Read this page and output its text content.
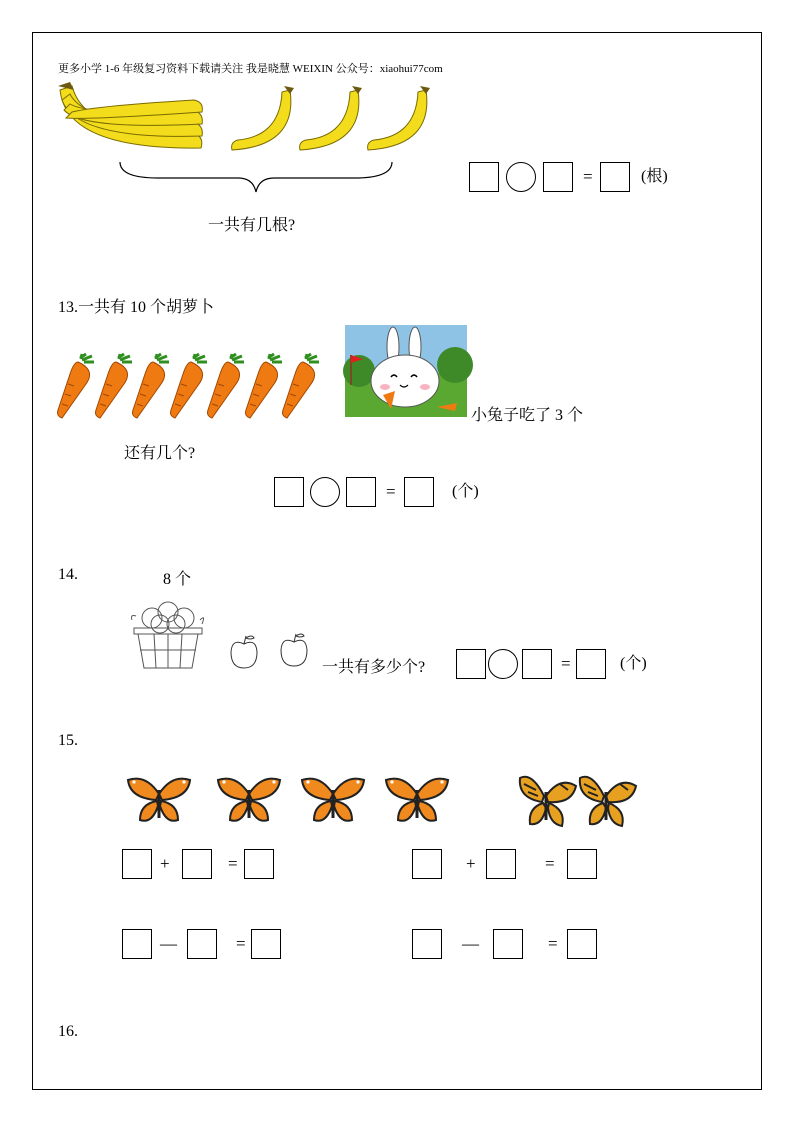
更多小学 1-6 年级复习资料下载请关注 我是晓慧 WEIXIN 公众号：xiaohui77com
一共有几根?
=	(根)
13.一共有 10 个胡萝卜
小兔子吃了 3 个
还有几个?
=	(个)
14.	8 个
一共有多少个?	=	(个)
15.
+	=	+	=
—	=	—	=
16.
